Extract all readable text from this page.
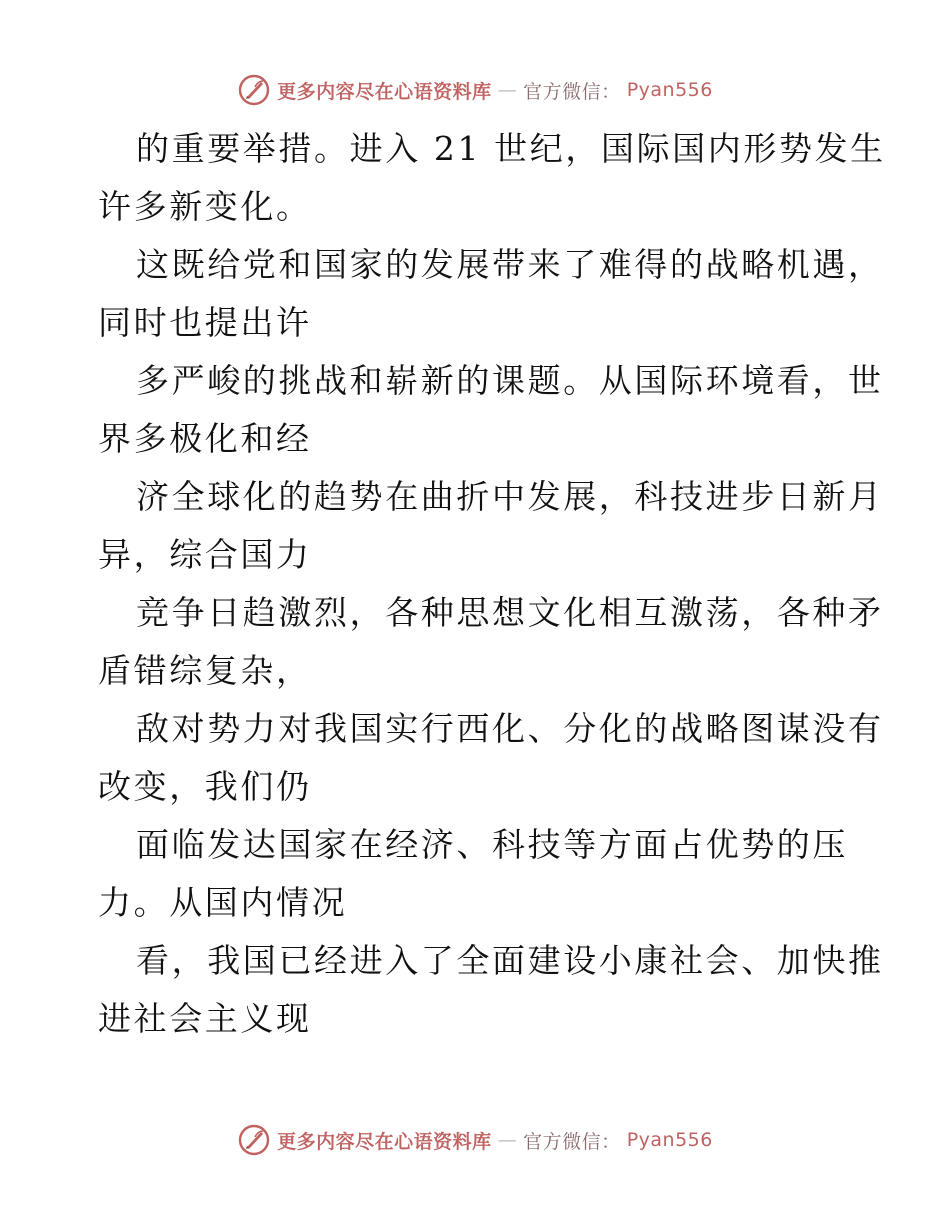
更多内容尽在心语资料库 — 官方微信： Pyan556
的重要举措。进入 21 世纪，国际国内形势发生
许多新变化。
这既给党和国家的发展带来了难得的战略机遇，
同时也提出许
多严峻的挑战和崭新的课题。从国际环境看，世
界多极化和经
济全球化的趋势在曲折中发展，科技进步日新月
异，综合国力
竞争日趋激烈，各种思想文化相互激荡，各种矛
盾错综复杂，
敌对势力对我国实行西化、分化的战略图谋没有
改变，我们仍
面临发达国家在经济、科技等方面占优势的压
力。从国内情况
看，我国已经进入了全面建设小康社会、加快推
进社会主义现
更多内容尽在心语资料库 — 官方微信： Pyan556
